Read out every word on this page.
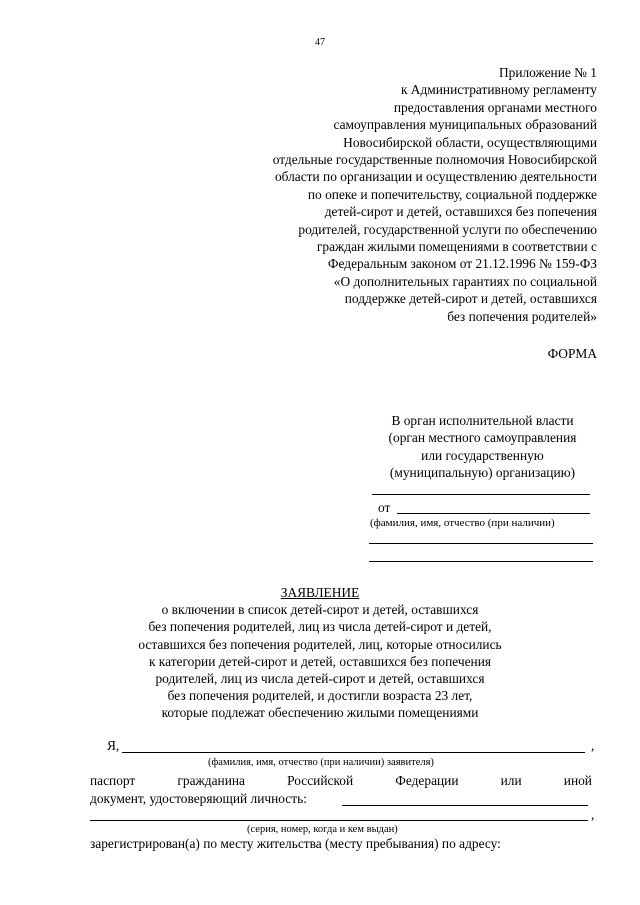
47
Приложение № 1
к Административному регламенту
предоставления органами местного
самоуправления муниципальных образований
Новосибирской области, осуществляющими
отдельные государственные полномочия Новосибирской
области по организации и осуществлению деятельности
по опеке и попечительству, социальной поддержке
детей-сирот и детей, оставшихся без попечения
родителей, государственной услуги по обеспечению
граждан жилыми помещениями в соответствии с
Федеральным законом от 21.12.1996 № 159-ФЗ
«О дополнительных гарантиях по социальной
поддержке детей-сирот и детей, оставшихся
без попечения родителей»
ФОРМА
В орган исполнительной власти
(орган местного самоуправления
или государственную
(муниципальную) организацию)
от
(фамилия, имя, отчество (при наличии)
ЗАЯВЛЕНИЕ
о включении в список детей-сирот и детей, оставшихся
без попечения родителей, лиц из числа детей-сирот и детей,
оставшихся без попечения родителей, лиц, которые относились
к категории детей-сирот и детей, оставшихся без попечения
родителей, лиц из числа детей-сирот и детей, оставшихся
без попечения родителей, и достигли возраста 23 лет,
которые подлежат обеспечению жилыми помещениями
Я,	,
(фамилия, имя, отчество (при наличии) заявителя)
паспорт	гражданина	Российской	Федерации	или	иной
документ, удостоверяющий личность:
,
(серия, номер, когда и кем выдан)
зарегистрирован(а) по месту жительства (месту пребывания) по адресу:
